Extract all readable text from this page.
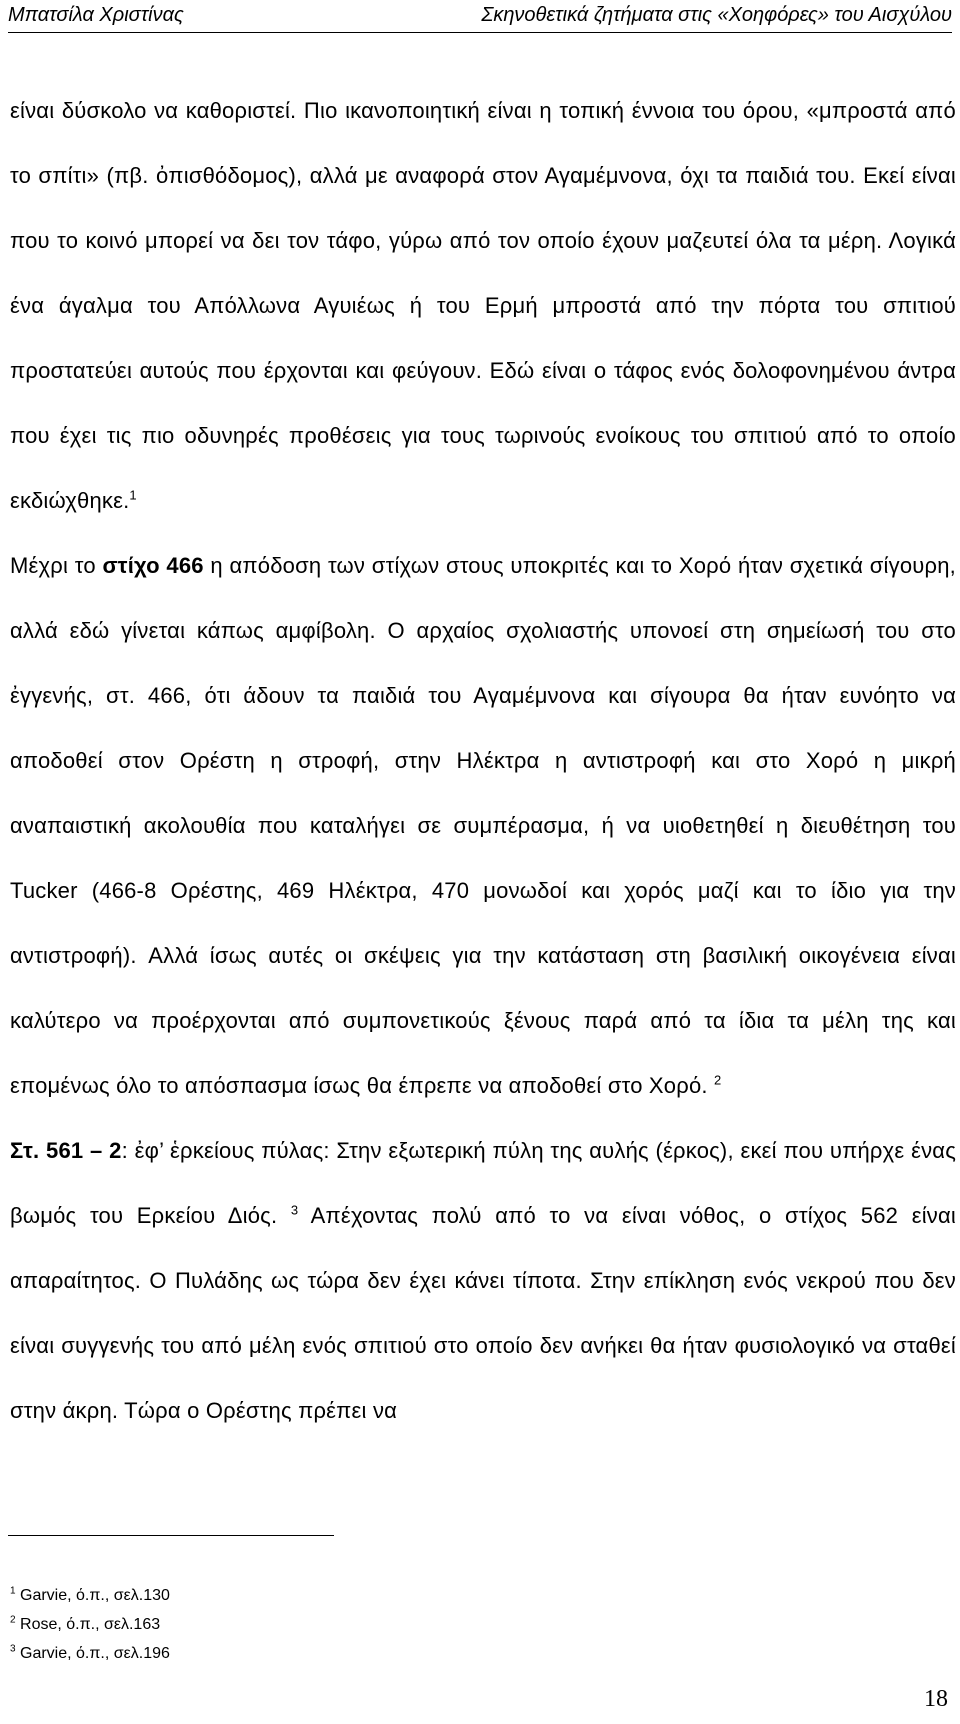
Μπατσίλα Χριστίνας	Σκηνοθετικά ζητήματα στις «Χοηφόρες» του Αισχύλου

είναι δύσκολο να καθοριστεί. Πιο ικανοποιητική είναι η τοπική έννοια του όρου, «μπροστά από το σπίτι» (πβ. ὀπισθόδομος), αλλά με αναφορά στον Αγαμέμνονα, όχι τα παιδιά του. Εκεί είναι που το κοινό μπορεί να δει τον τάφο, γύρω από τον οποίο έχουν μαζευτεί όλα τα μέρη. Λογικά ένα άγαλμα του Απόλλωνα Αγυιέως ή του Ερμή μπροστά από την πόρτα του σπιτιού προστατεύει αυτούς που έρχονται και φεύγουν. Εδώ είναι ο τάφος ενός δολοφονημένου άντρα που έχει τις πιο οδυνηρές προθέσεις για τους τωρινούς ενοίκους του σπιτιού από το οποίο εκδιώχθηκε.$^1$

Μέχρι το στίχο 466 η απόδοση των στίχων στους υποκριτές και το Χορό ήταν σχετικά σίγουρη, αλλά εδώ γίνεται κάπως αμφίβολη. Ο αρχαίος σχολιαστής υπονοεί στη σημείωσή του στο ἐγγενής, στ. 466, ότι άδουν τα παιδιά του Αγαμέμνονα και σίγουρα θα ήταν ευνόητο να αποδοθεί στον Ορέστη η στροφή, στην Ηλέκτρα η αντιστροφή και στο Χορό η μικρή αναπαιστική ακολουθία που καταλήγει σε συμπέρασμα, ή να υιοθετηθεί η διευθέτηση του Tucker (466-8 Ορέστης, 469 Ηλέκτρα, 470 μονωδοί και χορός μαζί και το ίδιο για την αντιστροφή). Αλλά ίσως αυτές οι σκέψεις για την κατάσταση στη βασιλική οικογένεια είναι καλύτερο να προέρχονται από συμπονετικούς ξένους παρά από τα ίδια τα μέλη της και επομένως όλο το απόσπασμα ίσως θα έπρεπε να αποδοθεί στο Χορό. $^2$

Στ. 561 – 2: ἐφ’ ἑρκείους πύλας: Στην εξωτερική πύλη της αυλής (έρκος), εκεί που υπήρχε ένας βωμός του Ερκείου Διός. $^3$ Απέχοντας πολύ από το να είναι νόθος, ο στίχος 562 είναι απαραίτητος. Ο Πυλάδης ως τώρα δεν έχει κάνει τίποτα. Στην επίκληση ενός νεκρού που δεν είναι συγγενής του από μέλη ενός σπιτιού στο οποίο δεν ανήκει θα ήταν φυσιολογικό να σταθεί στην άκρη. Τώρα ο Ορέστης πρέπει να

$^1$ Garvie, ό.π., σελ.130
$^2$ Rose, ό.π., σελ.163
$^3$ Garvie, ό.π., σελ.196
18
